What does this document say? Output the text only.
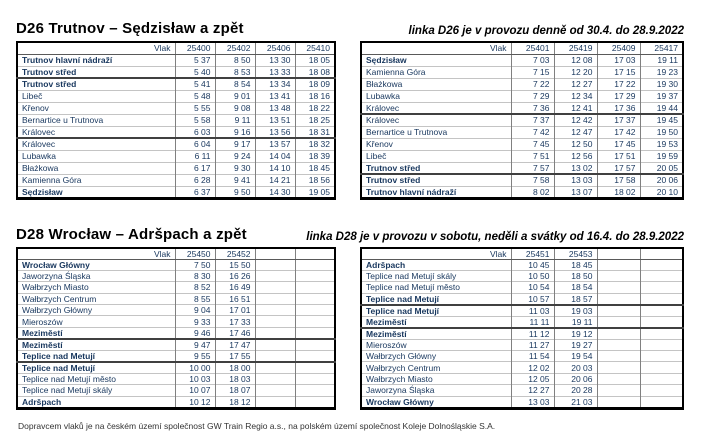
D26 Trutnov – Sędzisław a zpět	linka D26 je v provozu denně od 30.4. do 28.9.2022
Vlak	25400	25402	25406	25410
Trutnov hlavní nádraží	5 37	8 50	13 30	18 05
Trutnov střed	5 40	8 53	13 33	18 08
Trutnov střed	5 41	8 54	13 34	18 09
Libeč	5 48	9 01	13 41	18 16
Křenov	5 55	9 08	13 48	18 22
Bernartice u Trutnova	5 58	9 11	13 51	18 25
Královec	6 03	9 16	13 56	18 31
Královec	6 04	9 17	13 57	18 32
Lubawka	6 11	9 24	14 04	18 39
Błażkowa	6 17	9 30	14 10	18 45
Kamienna Góra	6 28	9 41	14 21	18 56
Sędzisław	6 37	9 50	14 30	19 05
Vlak	25401	25419	25409	25417
Sędzisław	7 03	12 08	17 03	19 11
Kamienna Góra	7 15	12 20	17 15	19 23
Błażkowa	7 22	12 27	17 22	19 30
Lubawka	7 29	12 34	17 29	19 37
Královec	7 36	12 41	17 36	19 44
Královec	7 37	12 42	17 37	19 45
Bernartice u Trutnova	7 42	12 47	17 42	19 50
Křenov	7 45	12 50	17 45	19 53
Libeč	7 51	12 56	17 51	19 59
Trutnov střed	7 57	13 02	17 57	20 05
Trutnov střed	7 58	13 03	17 58	20 06
Trutnov hlavní nádraží	8 02	13 07	18 02	20 10
D28 Wrocław – Adršpach a zpět	linka D28 je v provozu v sobotu, neděli a svátky od 16.4. do 28.9.2022
Vlak	25450	25452		
Wrocław Główny	7 50	15 50		
Jaworzyna Śląska	8 30	16 26		
Wałbrzych Miasto	8 52	16 49		
Wałbrzych Centrum	8 55	16 51		
Wałbrzych Główny	9 04	17 01		
Mieroszów	9 33	17 33		
Meziměstí	9 46	17 46		
Meziměstí	9 47	17 47		
Teplice nad Metují	9 55	17 55		
Teplice nad Metují	10 00	18 00		
Teplice nad Metují město	10 03	18 03		
Teplice nad Metují skály	10 07	18 07		
Adršpach	10 12	18 12		
Vlak	25451	25453		
Adršpach	10 45	18 45		
Teplice nad Metují skály	10 50	18 50		
Teplice nad Metují město	10 54	18 54		
Teplice nad Metují	10 57	18 57		
Teplice nad Metují	11 03	19 03		
Meziměstí	11 11	19 11		
Meziměstí	11 12	19 12		
Mieroszów	11 27	19 27		
Wałbrzych Główny	11 54	19 54		
Wałbrzych Centrum	12 02	20 03		
Wałbrzych Miasto	12 05	20 06		
Jaworzyna Śląska	12 27	20 28		
Wrocław Główny	13 03	21 03		
Dopravcem vlaků je na českém území společnost GW Train Regio a.s., na polském území společnost Koleje Dolnośląskie S.A.
